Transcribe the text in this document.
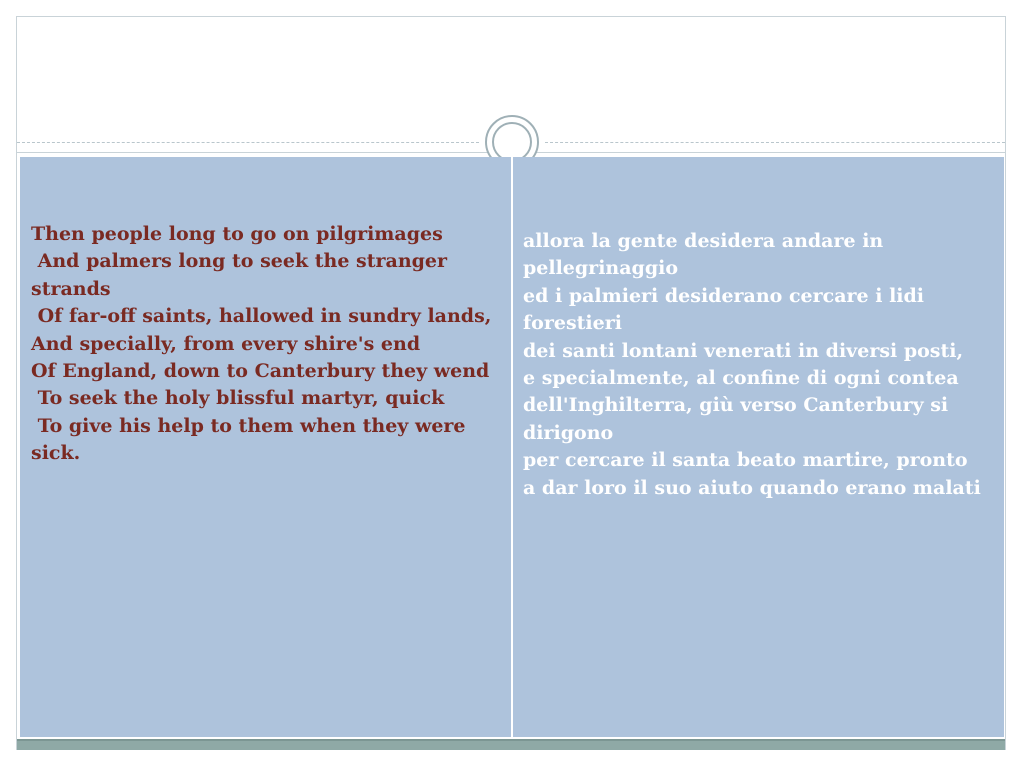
Then people long to go on pilgrimages
And palmers long to seek the stranger strands
Of far-off saints, hallowed in sundry lands,
And specially, from every shire's end
Of England, down to Canterbury they wend
To seek the holy blissful martyr, quick
To give his help to them when they were sick.
allora la gente desidera andare in pellegrinaggio
ed i palmieri desiderano cercare i lidi forestieri
dei santi lontani venerati in diversi posti,
e specialmente, al confine di ogni contea
dell'Inghilterra, giù verso Canterbury si dirigono
per cercare il santa beato martire, pronto
a dar loro il suo aiuto quando erano malati
